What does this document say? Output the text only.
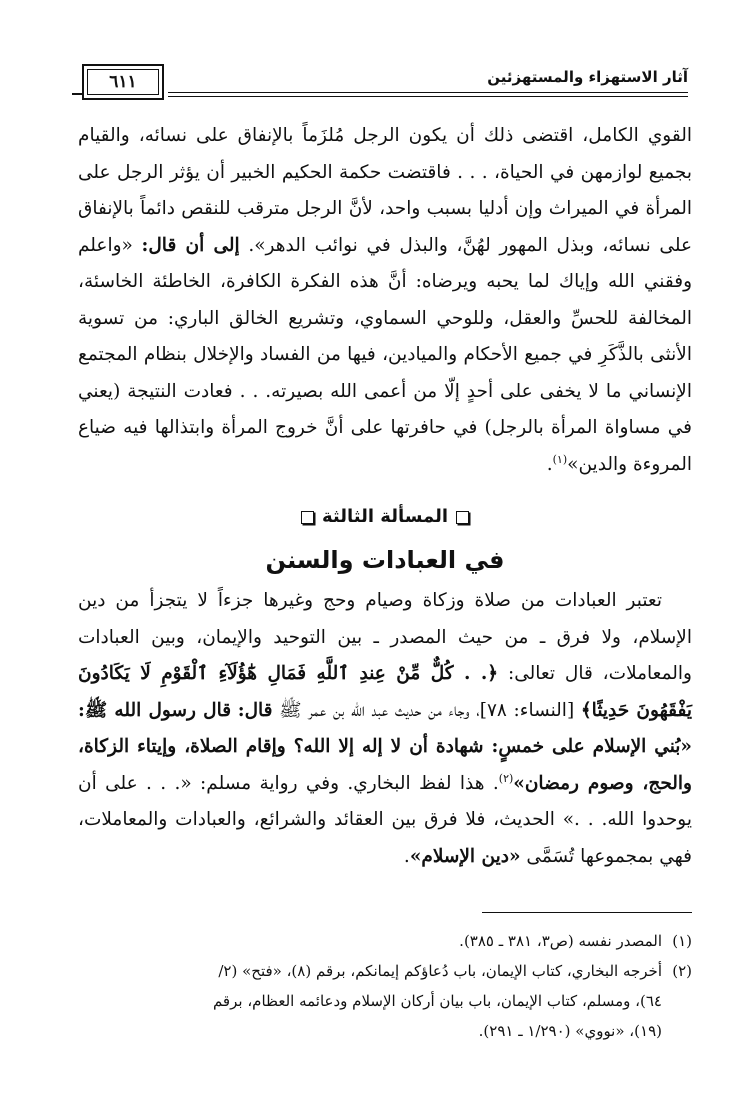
٦١١	آثار الاستهزاء والمستهزئين

القوي الكامل، اقتضى ذلك أن يكون الرجل مُلزَماً بالإنفاق على نسائه، والقيام بجميع لوازمهن في الحياة، . . . فاقتضت حكمة الحكيم الخبير أن يؤثر الرجل على المرأة في الميراث وإن أدليا بسبب واحد، لأنَّ الرجل مترقب للنقص دائماً بالإنفاق على نسائه، وبذل المهور لهُنَّ، والبذل في نوائب الدهر». إلى أن قال: «واعلم وفقني الله وإياك لما يحبه ويرضاه: أنَّ هذه الفكرة الكافرة، الخاطئة الخاسئة، المخالفة للحسِّ والعقل، وللوحي السماوي، وتشريع الخالق الباري: من تسوية الأنثى بالذَّكَرِ في جميع الأحكام والميادين، فيها من الفساد والإخلال بنظام المجتمع الإنساني ما لا يخفى على أحدٍ إلّا من أعمى الله بصيرته. . . فعادت النتيجة (يعني في مساواة المرأة بالرجل) في حافرتها على أنَّ خروج المرأة وابتذالها فيه ضياع المروءة والدين»$^{(١)}$.

المسألة الثالثة
في العبادات والسنن

تعتبر العبادات من صلاة وزكاة وصيام وحج وغيرها جزءاً لا يتجزأ من دين الإسلام، ولا فرق ـ من حيث المصدر ـ بين التوحيد والإيمان، وبين العبادات والمعاملات، قال تعالى: ﴿. . كُلٌّ مِّنْ عِندِ ٱللَّهِ فَمَالِ هَٰٓؤُلَآءِ ٱلْقَوْمِ لَا يَكَادُونَ يَفْقَهُونَ حَدِيثًا﴾ [النساء: ٧٨]، وجاء من حديث عبد الله بن عمر ﷺ قال: قال رسول الله ﷺ: «بُني الإسلام على خمسٍ: شهادة أن لا إله إلا الله؟ وإقام الصلاة، وإيتاء الزكاة، والحج، وصوم رمضان»$^{(٢)}$. هذا لفظ البخاري. وفي رواية مسلم: «. . . على أن يوحدوا الله. . .» الحديث، فلا فرق بين العقائد والشرائع، والعبادات والمعاملات، فهي بمجموعها تُسَمَّى «دين الإسلام».

(١)المصدر نفسه (ص٣، ٣٨١ ـ ٣٨٥).
(٢)أخرجه البخاري، كتاب الإيمان، باب دُعاؤكم إيمانكم، برقم (٨)، «فتح» (٢/
٦٤)، ومسلم، كتاب الإيمان، باب بيان أركان الإسلام ودعائمه العظام، برقم
(١٩)، «نووي» (١/٢٩٠ ـ ٢٩١).
